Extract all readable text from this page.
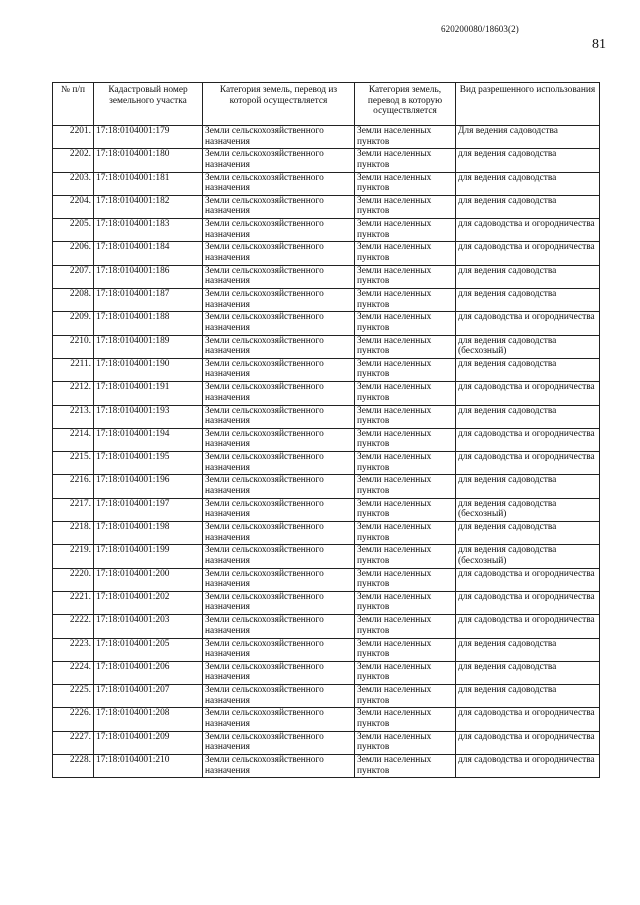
620200080/18603(2)
81
№ п/п	Кадастровый номер земельного участка	Категория земель, перевод из которой осуществляется	Категория земель, перевод в которую осуществляется	Вид разрешенного использования
2201.	17:18:0104001:179	Земли сельскохозяйственного назначения	Земли населенных пунктов	Для ведения садоводства
2202.	17:18:0104001:180	Земли сельскохозяйственного назначения	Земли населенных пунктов	для ведения садоводства
2203.	17:18:0104001:181	Земли сельскохозяйственного назначения	Земли населенных пунктов	для ведения садоводства
2204.	17:18:0104001:182	Земли сельскохозяйственного назначения	Земли населенных пунктов	для ведения садоводства
2205.	17:18:0104001:183	Земли сельскохозяйственного назначения	Земли населенных пунктов	для садоводства и огородничества
2206.	17:18:0104001:184	Земли сельскохозяйственного назначения	Земли населенных пунктов	для садоводства и огородничества
2207.	17:18:0104001:186	Земли сельскохозяйственного назначения	Земли населенных пунктов	для ведения садоводства
2208.	17:18:0104001:187	Земли сельскохозяйственного назначения	Земли населенных пунктов	для ведения садоводства
2209.	17:18:0104001:188	Земли сельскохозяйственного назначения	Земли населенных пунктов	для садоводства и огородничества
2210.	17:18:0104001:189	Земли сельскохозяйственного назначения	Земли населенных пунктов	для ведения садоводства (бесхозный)
2211.	17:18:0104001:190	Земли сельскохозяйственного назначения	Земли населенных пунктов	для ведения садоводства
2212.	17:18:0104001:191	Земли сельскохозяйственного назначения	Земли населенных пунктов	для садоводства и огородничества
2213.	17:18:0104001:193	Земли сельскохозяйственного назначения	Земли населенных пунктов	для ведения садоводства
2214.	17:18:0104001:194	Земли сельскохозяйственного назначения	Земли населенных пунктов	для садоводства и огородничества
2215.	17:18:0104001:195	Земли сельскохозяйственного назначения	Земли населенных пунктов	для садоводства и огородничества
2216.	17:18:0104001:196	Земли сельскохозяйственного назначения	Земли населенных пунктов	для ведения садоводства
2217.	17:18:0104001:197	Земли сельскохозяйственного назначения	Земли населенных пунктов	для ведения садоводства (бесхозный)
2218.	17:18:0104001:198	Земли сельскохозяйственного назначения	Земли населенных пунктов	для ведения садоводства
2219.	17:18:0104001:199	Земли сельскохозяйственного назначения	Земли населенных пунктов	для ведения садоводства (бесхозный)
2220.	17:18:0104001:200	Земли сельскохозяйственного назначения	Земли населенных пунктов	для садоводства и огородничества
2221.	17:18:0104001:202	Земли сельскохозяйственного назначения	Земли населенных пунктов	для садоводства и огородничества
2222.	17:18:0104001:203	Земли сельскохозяйственного назначения	Земли населенных пунктов	для садоводства и огородничества
2223.	17:18:0104001:205	Земли сельскохозяйственного назначения	Земли населенных пунктов	для ведения садоводства
2224.	17:18:0104001:206	Земли сельскохозяйственного назначения	Земли населенных пунктов	для ведения садоводства
2225.	17:18:0104001:207	Земли сельскохозяйственного назначения	Земли населенных пунктов	для ведения садоводства
2226.	17:18:0104001:208	Земли сельскохозяйственного назначения	Земли населенных пунктов	для садоводства и огородничества
2227.	17:18:0104001:209	Земли сельскохозяйственного назначения	Земли населенных пунктов	для садоводства и огородничества
2228.	17:18:0104001:210	Земли сельскохозяйственного назначения	Земли населенных пунктов	для садоводства и огородничества
